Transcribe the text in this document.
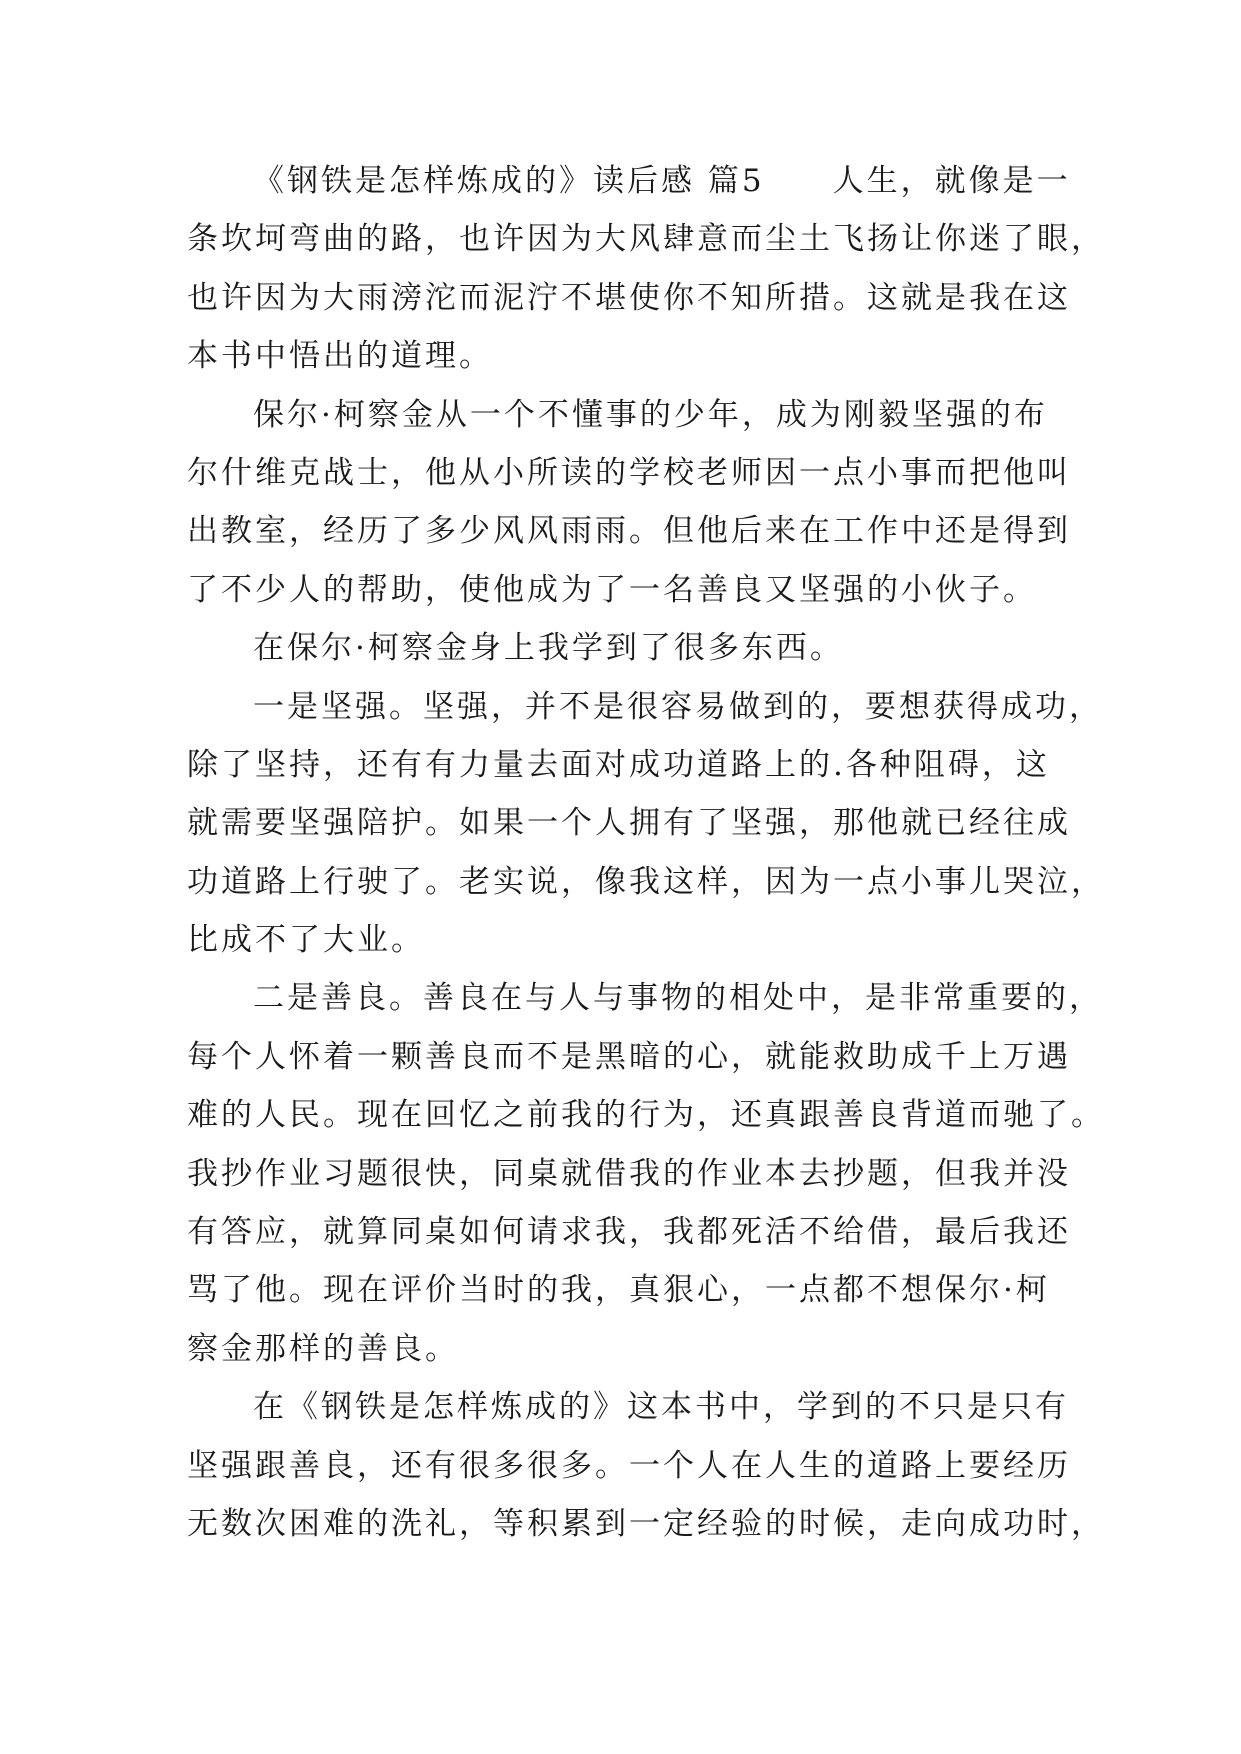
《钢铁是怎样炼成的》读后感 篇5　　人生，就像是一
条坎坷弯曲的路，也许因为大风肆意而尘土飞扬让你迷了眼，
也许因为大雨滂沱而泥泞不堪使你不知所措。这就是我在这
本书中悟出的道理。
保尔·柯察金从一个不懂事的少年，成为刚毅坚强的布
尔什维克战士，他从小所读的学校老师因一点小事而把他叫
出教室，经历了多少风风雨雨。但他后来在工作中还是得到
了不少人的帮助，使他成为了一名善良又坚强的小伙子。
在保尔·柯察金身上我学到了很多东西。
一是坚强。坚强，并不是很容易做到的，要想获得成功，
除了坚持，还有有力量去面对成功道路上的.各种阻碍，这
就需要坚强陪护。如果一个人拥有了坚强，那他就已经往成
功道路上行驶了。老实说，像我这样，因为一点小事儿哭泣，
比成不了大业。
二是善良。善良在与人与事物的相处中，是非常重要的，
每个人怀着一颗善良而不是黑暗的心，就能救助成千上万遇
难的人民。现在回忆之前我的行为，还真跟善良背道而驰了。
我抄作业习题很快，同桌就借我的作业本去抄题，但我并没
有答应，就算同桌如何请求我，我都死活不给借，最后我还
骂了他。现在评价当时的我，真狠心，一点都不想保尔·柯
察金那样的善良。
在《钢铁是怎样炼成的》这本书中，学到的不只是只有
坚强跟善良，还有很多很多。一个人在人生的道路上要经历
无数次困难的洗礼，等积累到一定经验的时候，走向成功时，
